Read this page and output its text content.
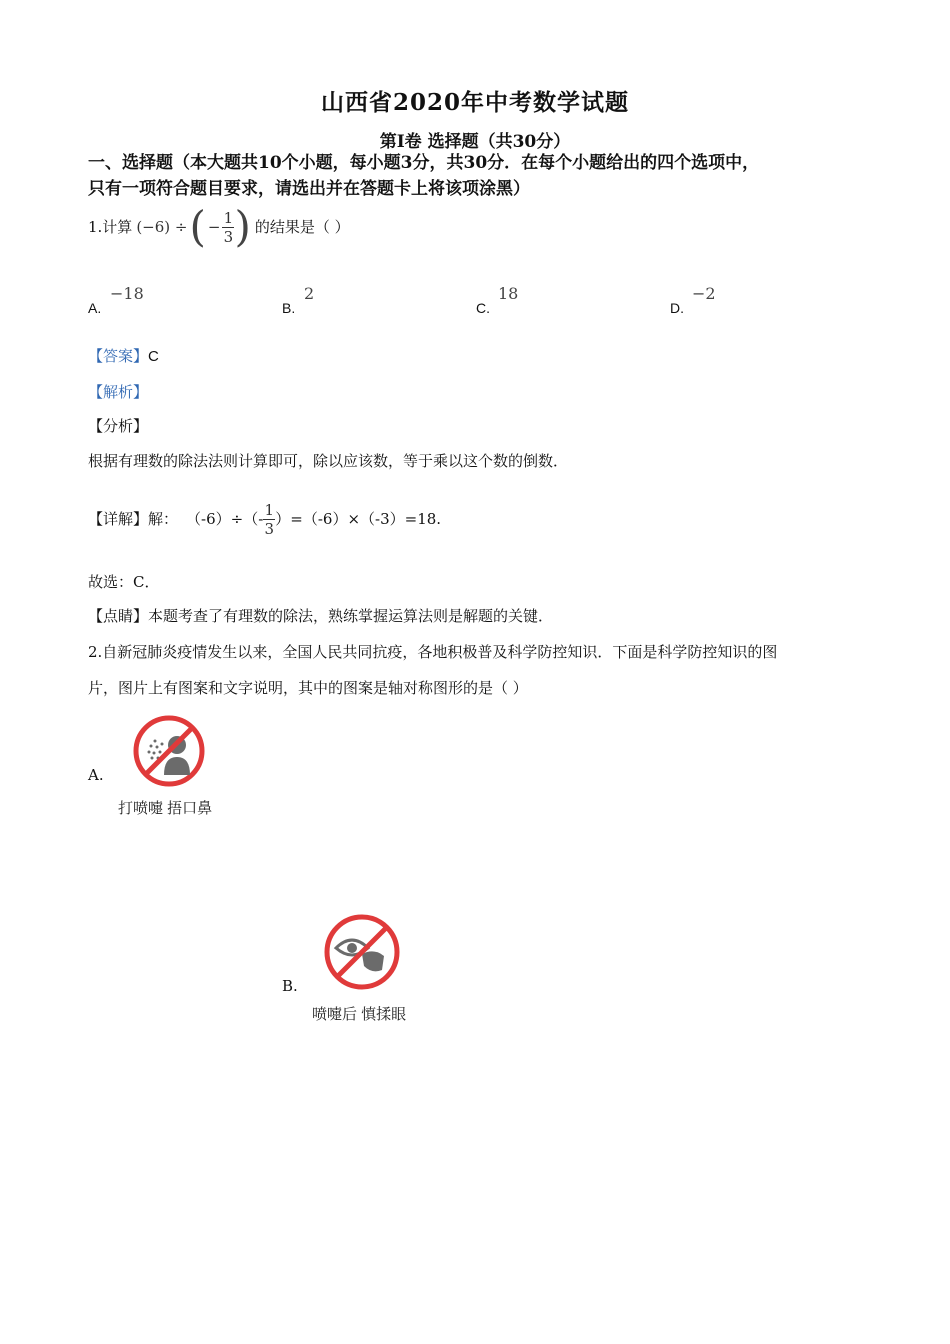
山西省2020年中考数学试题
第I卷 选择题（共30分）
一、选择题（本大题共10个小题，每小题3分，共30分．在每个小题给出的四个选项中，
只有一项符合题目要求，请选出并在答题卡上将该项涂黑）
1.计算 (−6) ÷ ( − $\frac{1}{3}$ ) 的结果是（ ）
A.
−18
B.
2
C.
18
D.
−2
【答案】C
【解析】
【分析】
根据有理数的除法法则计算即可，除以应该数，等于乘以这个数的倒数．
【详解】解： $(-6)\div(- \frac{1}{3} )=(-6)\times(-3)=18$.
故选：C．
【点睛】本题考查了有理数的除法，熟练掌握运算法则是解题的关键．
2.自新冠肺炎疫情发生以来，全国人民共同抗疫，各地积极普及科学防控知识．下面是科学防控知识的图
片，图片上有图案和文字说明，其中的图案是轴对称图形的是（ ）
A.
打喷嚏 捂口鼻
B.
喷嚏后 慎揉眼
